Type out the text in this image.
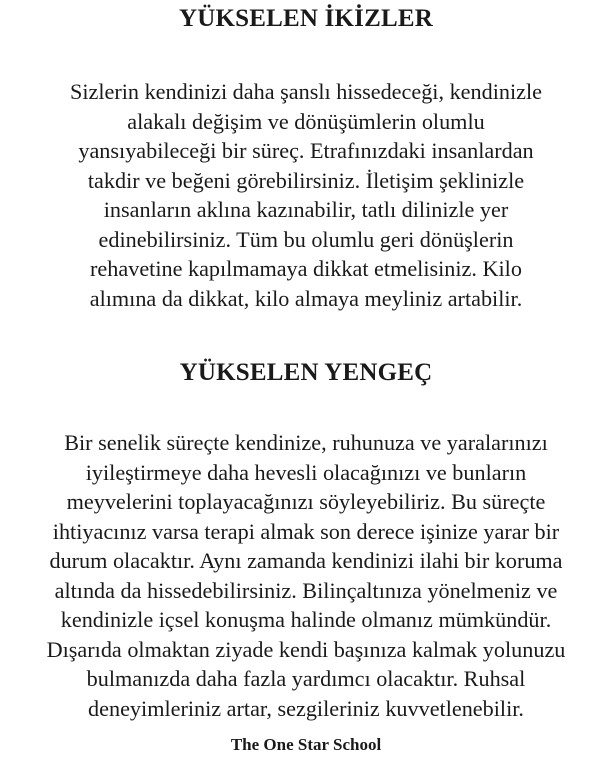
YÜKSELEN İKİZLER

Sizlerin kendinizi daha şanslı hissedeceği, kendinizle
alakalı değişim ve dönüşümlerin olumlu
yansıyabileceği bir süreç. Etrafınızdaki insanlardan
takdir ve beğeni görebilirsiniz. İletişim şeklinizle
insanların aklına kazınabilir, tatlı dilinizle yer
edinebilirsiniz. Tüm bu olumlu geri dönüşlerin
rehavetine kapılmamaya dikkat etmelisiniz. Kilo
alımına da dikkat, kilo almaya meyliniz artabilir.

YÜKSELEN YENGEÇ

Bir senelik süreçte kendinize, ruhunuza ve yaralarınızı
iyileştirmeye daha hevesli olacağınızı ve bunların
meyvelerini toplayacağınızı söyleyebiliriz. Bu süreçte
ihtiyacınız varsa terapi almak son derece işinize yarar bir
durum olacaktır. Aynı zamanda kendinizi ilahi bir koruma
altında da hissedebilirsiniz. Bilinçaltınıza yönelmeniz ve
kendinizle içsel konuşma halinde olmanız mümkündür.
Dışarıda olmaktan ziyade kendi başınıza kalmak yolunuzu
bulmanızda daha fazla yardımcı olacaktır. Ruhsal
deneyimleriniz artar, sezgileriniz kuvvetlenebilir.

The One Star School
